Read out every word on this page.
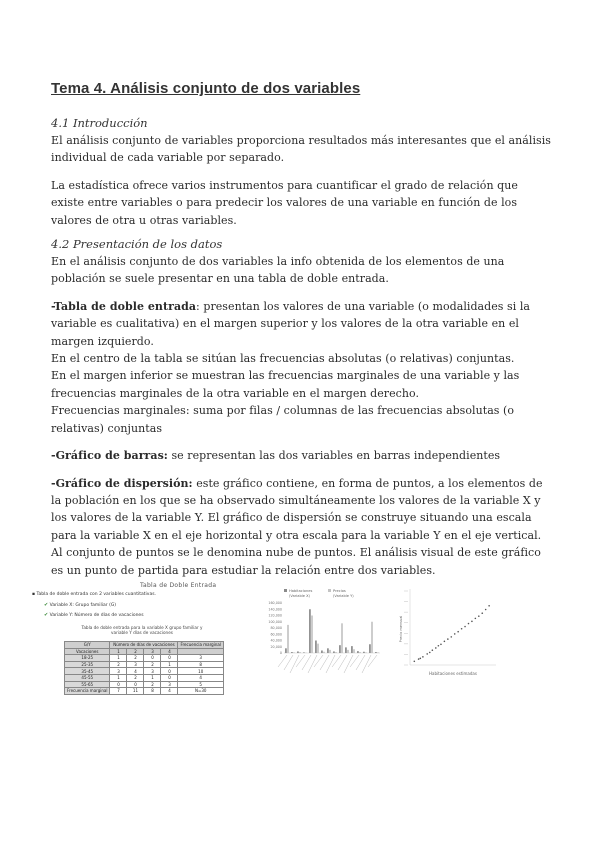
Tema 4. Análisis conjunto de dos variables
4.1 Introducción

El análisis conjunto de variables proporciona resultados más interesantes que el análisis individual de cada variable por separado.

La estadística ofrece varios instrumentos para cuantificar el grado de relación que existe entre variables o para predecir los valores de una variable en función de los valores de otra u otras variables.

4.2 Presentación de los datos

En el análisis conjunto de dos variables la info obtenida de los elementos de una población se suele presentar en una tabla de doble entrada.

-Tabla de doble entrada: presentan los valores de una variable (o modalidades si la variable es cualitativa) en el margen superior y los valores de la otra variable en el margen izquierdo.

En el centro de la tabla se sitúan las frecuencias absolutas (o relativas) conjuntas.

En el margen inferior se muestran las frecuencias marginales de una variable y las frecuencias marginales de la otra variable en el margen derecho.

Frecuencias marginales: suma por filas / columnas de las frecuencias absolutas (o relativas) conjuntas

-Gráfico de barras: se representan las dos variables en barras independientes

-Gráfico de dispersión: este gráfico contiene, en forma de puntos, a los elementos de la población en los que se ha observado simultáneamente los valores de la variable X y los valores de la variable Y. El gráfico de dispersión se construye situando una escala para la variable X en el eje horizontal y otra escala para la variable Y en el eje vertical. Al conjunto de puntos se le denomina nube de puntos. El análisis visual de este gráfico es un punto de partida para estudiar la relación entre dos variables.

Tabla de Doble Entrada
▪ Tabla de doble entrada con 2 variables cuantitativas.
✔ Variable X: Grupo familiar (G)
✔ Variable Y: Número de días de vacaciones
Tabla de doble entrada para la variable X grupo familiar y variable Y días de vacaciones
G/Y	Número de días de vacaciones				Frecuencia marginal
Vacaciones	1	2	3	4	
18-25	1	2	0	0	3
25-35	2	3	2	1	8
35-45	3	4	3	0	10
45-55	1	2	1	0	4
55-65	0	0	2	3	5
Frecuencia marginal	7	11	8	4	N=30
160,000
140,000
120,000
100,000
80,000
60,000
40,000
20,000
0
Habitaciones
(Variable X)
Precios
(Variable Y)
Habitaciones estimadas
Precio mensual
